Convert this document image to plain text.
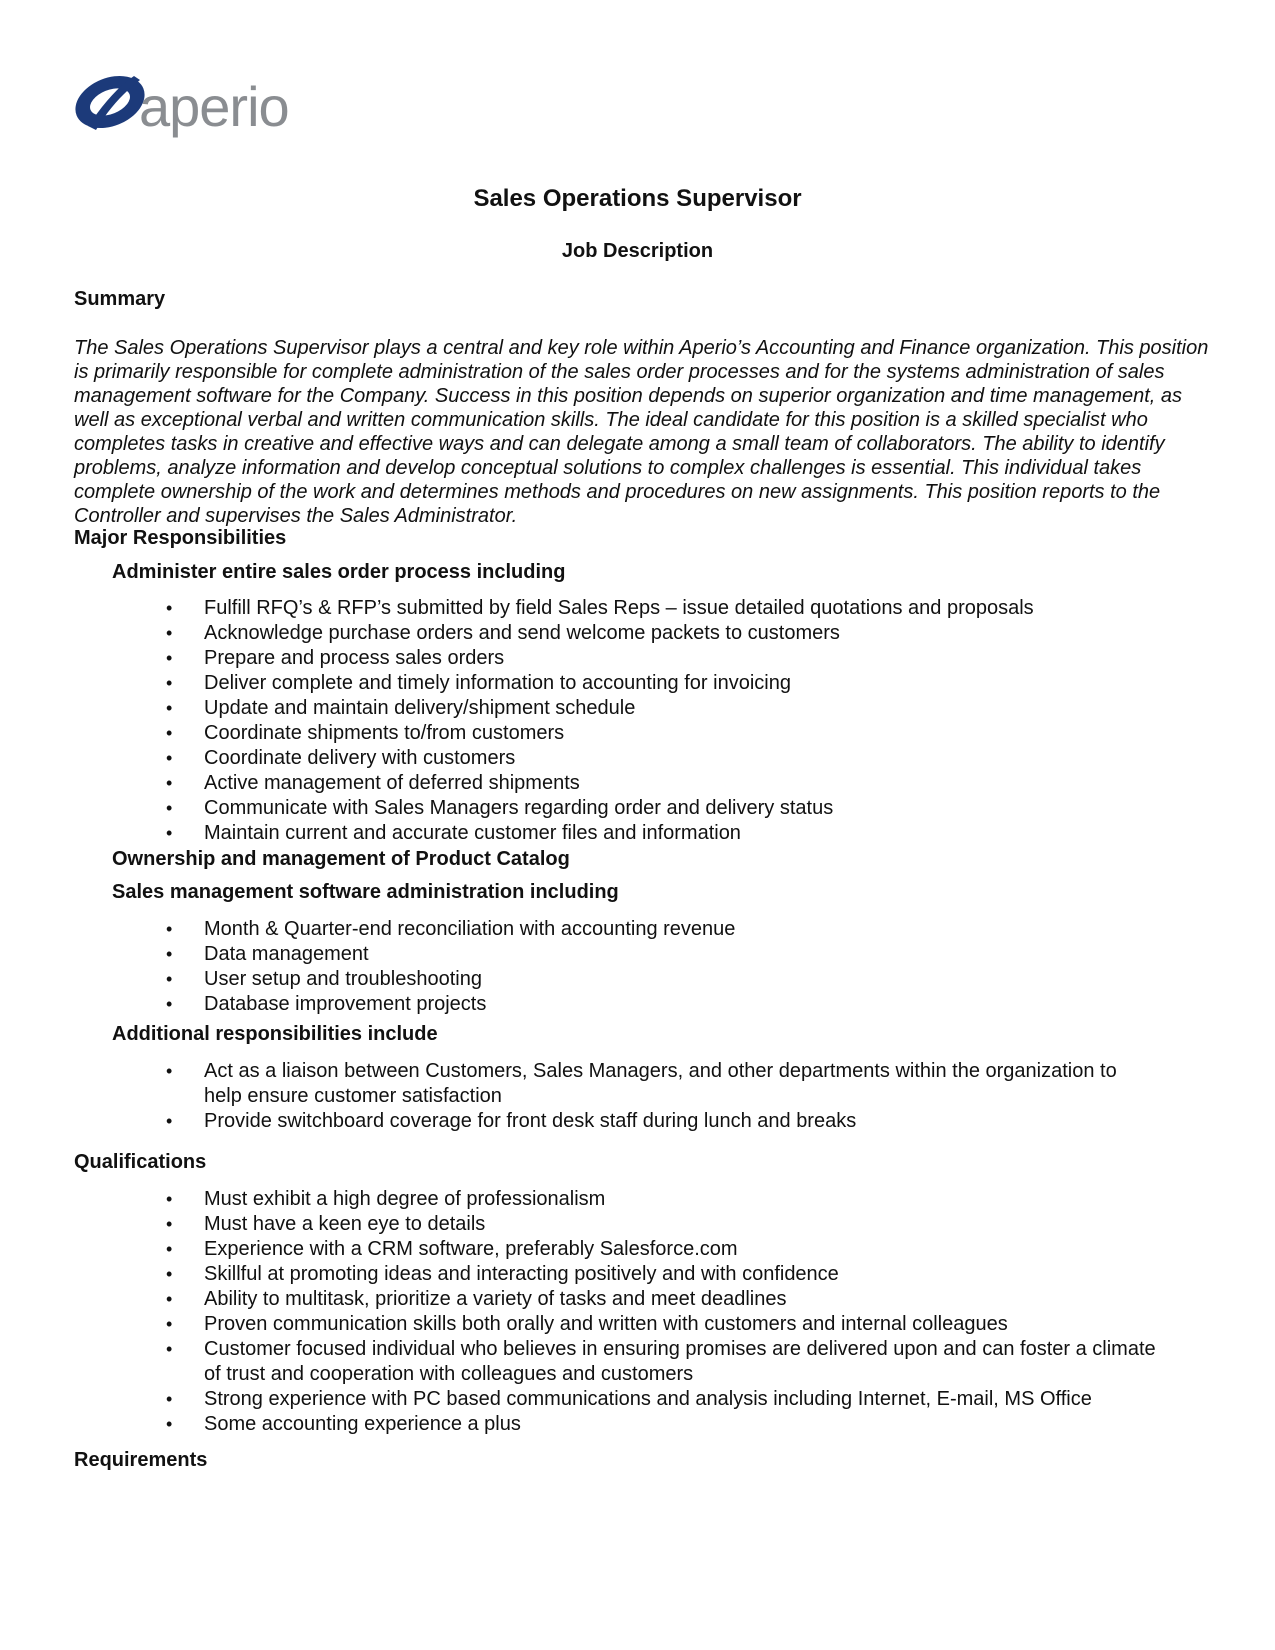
aperio
Sales Operations Supervisor
Job Description
Summary

The Sales Operations Supervisor plays a central and key role within Aperio’s Accounting and Finance organization. This position is primarily responsible for complete administration of the sales order processes and for the systems administration of sales management software for the Company. Success in this position depends on superior organization and time management, as well as exceptional verbal and written communication skills. The ideal candidate for this position is a skilled specialist who completes tasks in creative and effective ways and can delegate among a small team of collaborators. The ability to identify problems, analyze information and develop conceptual solutions to complex challenges is essential. This individual takes complete ownership of the work and determines methods and procedures on new assignments. This position reports to the Controller and supervises the Sales Administrator.

Major Responsibilities
Administer entire sales order process including
• Fulfill RFQ’s & RFP’s submitted by field Sales Reps – issue detailed quotations and proposals
• Acknowledge purchase orders and send welcome packets to customers
• Prepare and process sales orders
• Deliver complete and timely information to accounting for invoicing
• Update and maintain delivery/shipment schedule
• Coordinate shipments to/from customers
• Coordinate delivery with customers
• Active management of deferred shipments
• Communicate with Sales Managers regarding order and delivery status
• Maintain current and accurate customer files and information
Ownership and management of Product Catalog
Sales management software administration including
• Month & Quarter-end reconciliation with accounting revenue
• Data management
• User setup and troubleshooting
• Database improvement projects
Additional responsibilities include
• Act as a liaison between Customers, Sales Managers, and other departments within the organization to help ensure customer satisfaction
• Provide switchboard coverage for front desk staff during lunch and breaks
Qualifications
• Must exhibit a high degree of professionalism
• Must have a keen eye to details
• Experience with a CRM software, preferably Salesforce.com
• Skillful at promoting ideas and interacting positively and with confidence
• Ability to multitask, prioritize a variety of tasks and meet deadlines
• Proven communication skills both orally and written with customers and internal colleagues
• Customer focused individual who believes in ensuring promises are delivered upon and can foster a climate of trust and cooperation with colleagues and customers
• Strong experience with PC based communications and analysis including Internet, E-mail, MS Office
• Some accounting experience a plus
Requirements
